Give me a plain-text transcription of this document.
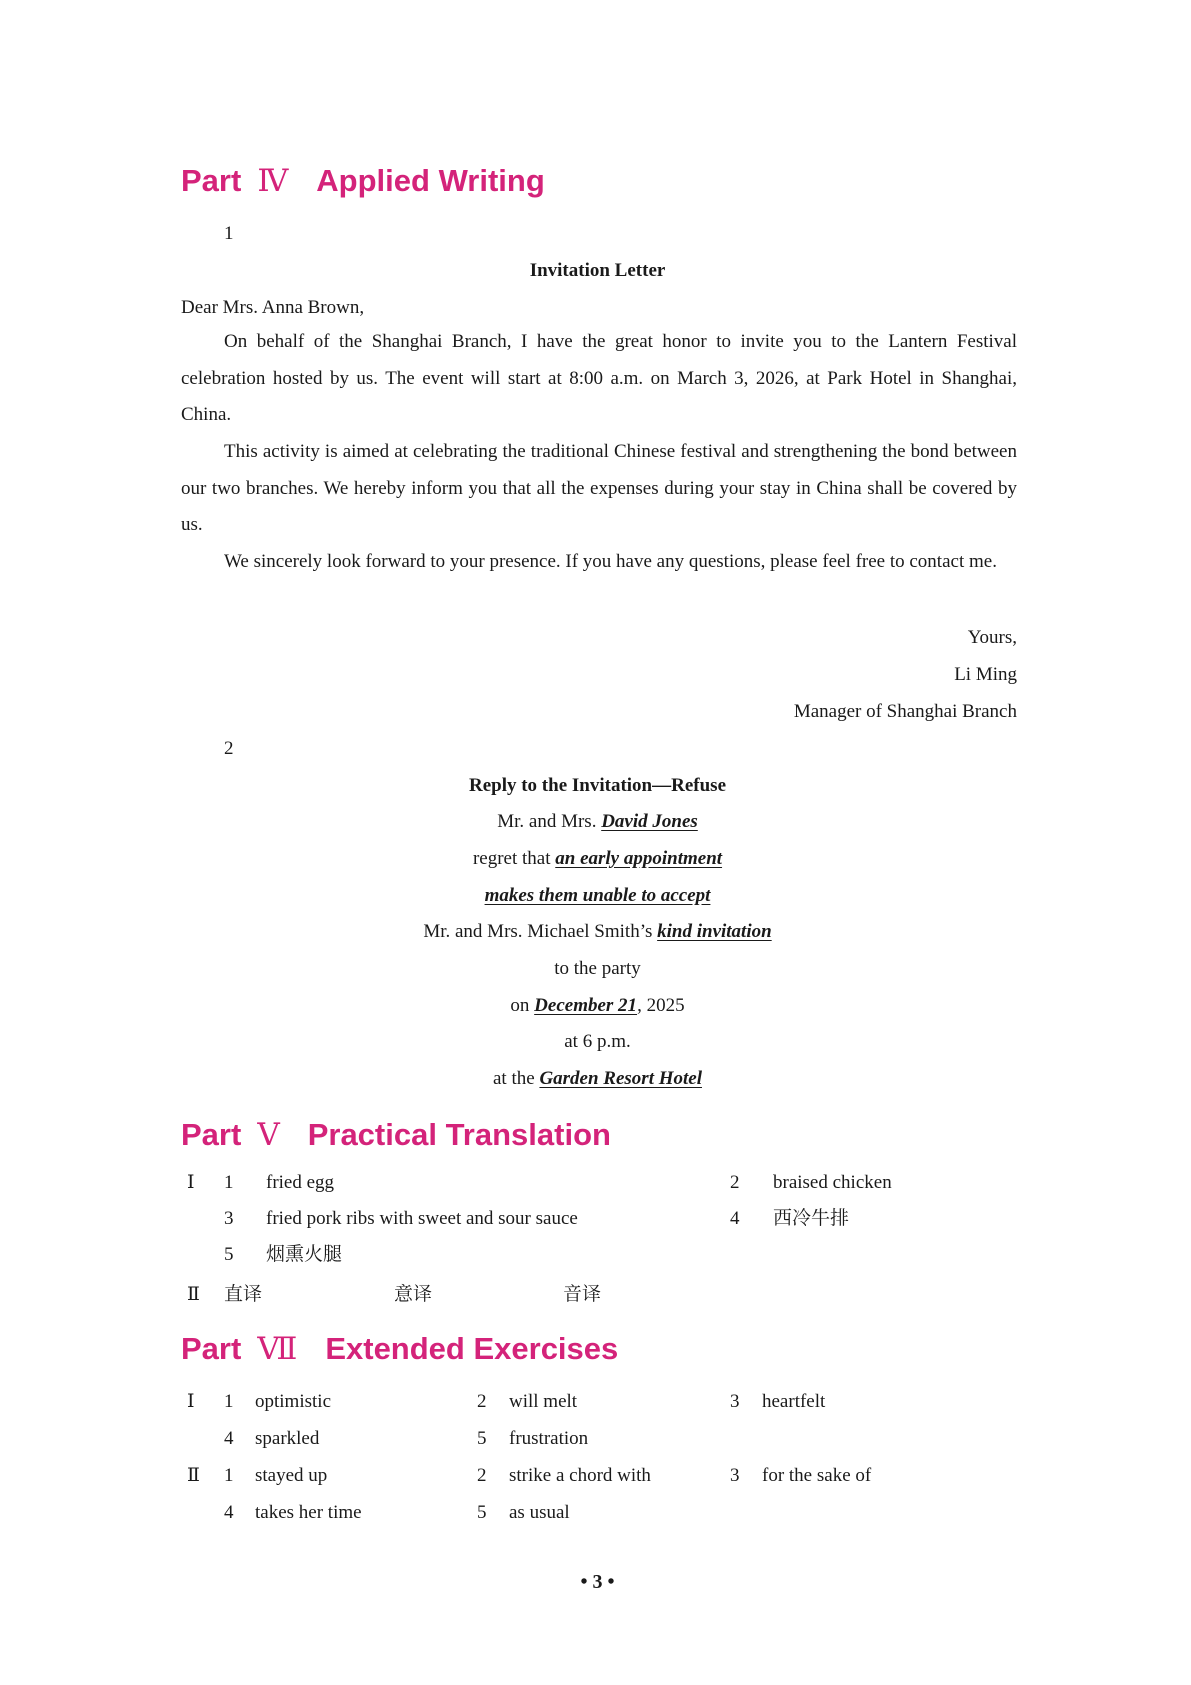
Part Ⅳ Applied Writing
1
Invitation Letter
Dear Mrs. Anna Brown,

On behalf of the Shanghai Branch, I have the great honor to invite you to the Lantern Festival celebration hosted by us. The event will start at 8:00 a.m. on March 3, 2026, at Park Hotel in Shanghai, China.

This activity is aimed at celebrating the traditional Chinese festival and strengthening the bond between our two branches. We hereby inform you that all the expenses during your stay in China shall be covered by us.

We sincerely look forward to your presence. If you have any questions, please feel free to contact me.

Yours,
Li Ming
Manager of Shanghai Branch
2
Reply to the Invitation—Refuse
Mr. and Mrs. David Jones
regret that an early appointment
makes them unable to accept
Mr. and Mrs. Michael Smith’s kind invitation
to the party
on December 21, 2025
at 6 p.m.
at the Garden Resort Hotel
Part Ⅴ Practical Translation
Ⅰ 1 fried egg	2 braised chicken
3 fried pork ribs with sweet and sour sauce	4 西冷牛排
5 烟熏火腿
Ⅱ 直译	意译	音译
Part Ⅶ Extended Exercises
Ⅰ 1 optimistic	2 will melt	3 heartfelt
4 sparkled	5 frustration
Ⅱ 1 stayed up	2 strike a chord with	3 for the sake of
4 takes her time	5 as usual
• 3 •
